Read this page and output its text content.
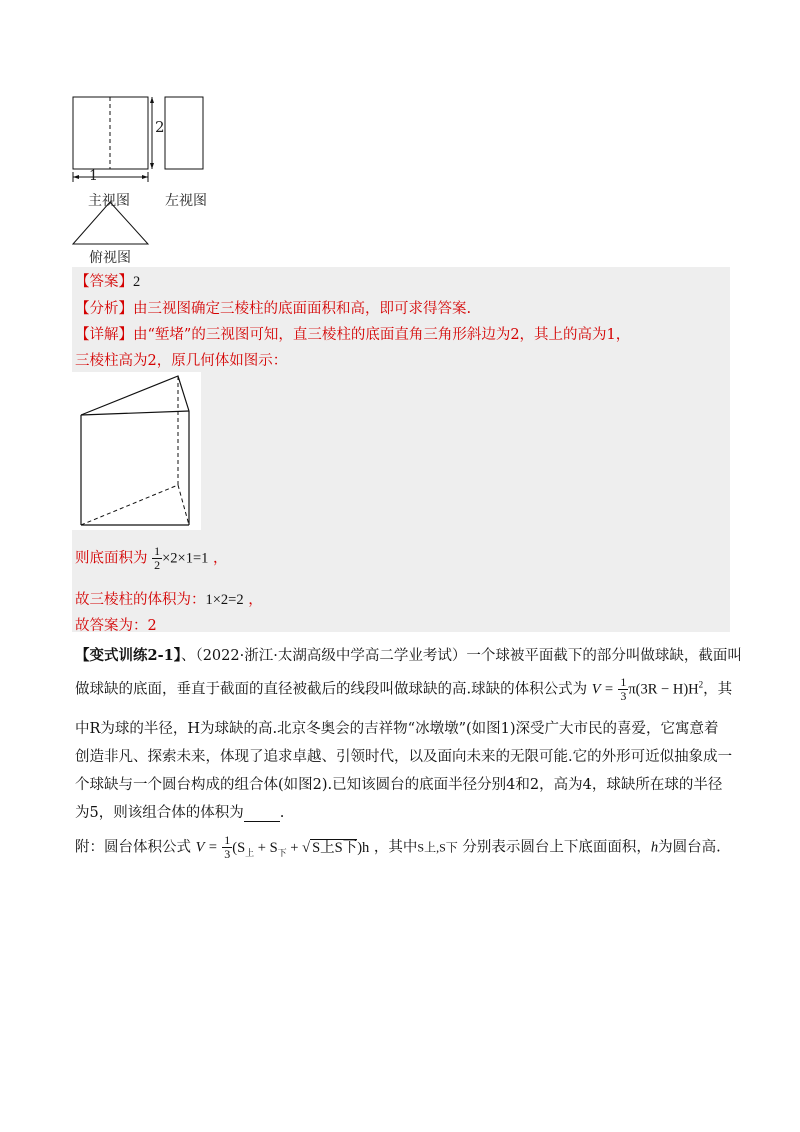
2
1
主视图	左视图
俯视图
【答案】2
【分析】由三视图确定三棱柱的底面面积和高，即可求得答案.
【详解】由“堑堵”的三视图可知，直三棱柱的底面直角三角形斜边为2，其上的高为1，
三棱柱高为2，原几何体如图示：
则底面积为 $\frac{1}{2} \times 2\times 1=1$ ，
故三棱柱的体积为：1×2=2 ，
故答案为：2
【变式训练2-1】、（2022·浙江·太湖高级中学高二学业考试）一个球被平面截下的部分叫做球缺，截面叫
做球缺的底面，垂直于截面的直径被截后的线段叫做球缺的高.球缺的体积公式为 $V = \frac{1}{3} \pi(3R - H)H^2$，其
中R为球的半径，H为球缺的高.北京冬奥会的吉祥物“冰墩墩”(如图1)深受广大市民的喜爱，它寓意着
创造非凡、探索未来，体现了追求卓越、引领时代，以及面向未来的无限可能.它的外形可近似抽象成一
个球缺与一个圆台构成的组合体(如图2).已知该圆台的底面半径分别4和2，高为4，球缺所在球的半径
为5，则该组合体的体积为 .
附：圆台体积公式 $V = \frac{1}{3} (S_上 + S_下$ + √ S上S下)h ，其中S上,S下 分别表示圆台上下底面面积，h为圆台高.
